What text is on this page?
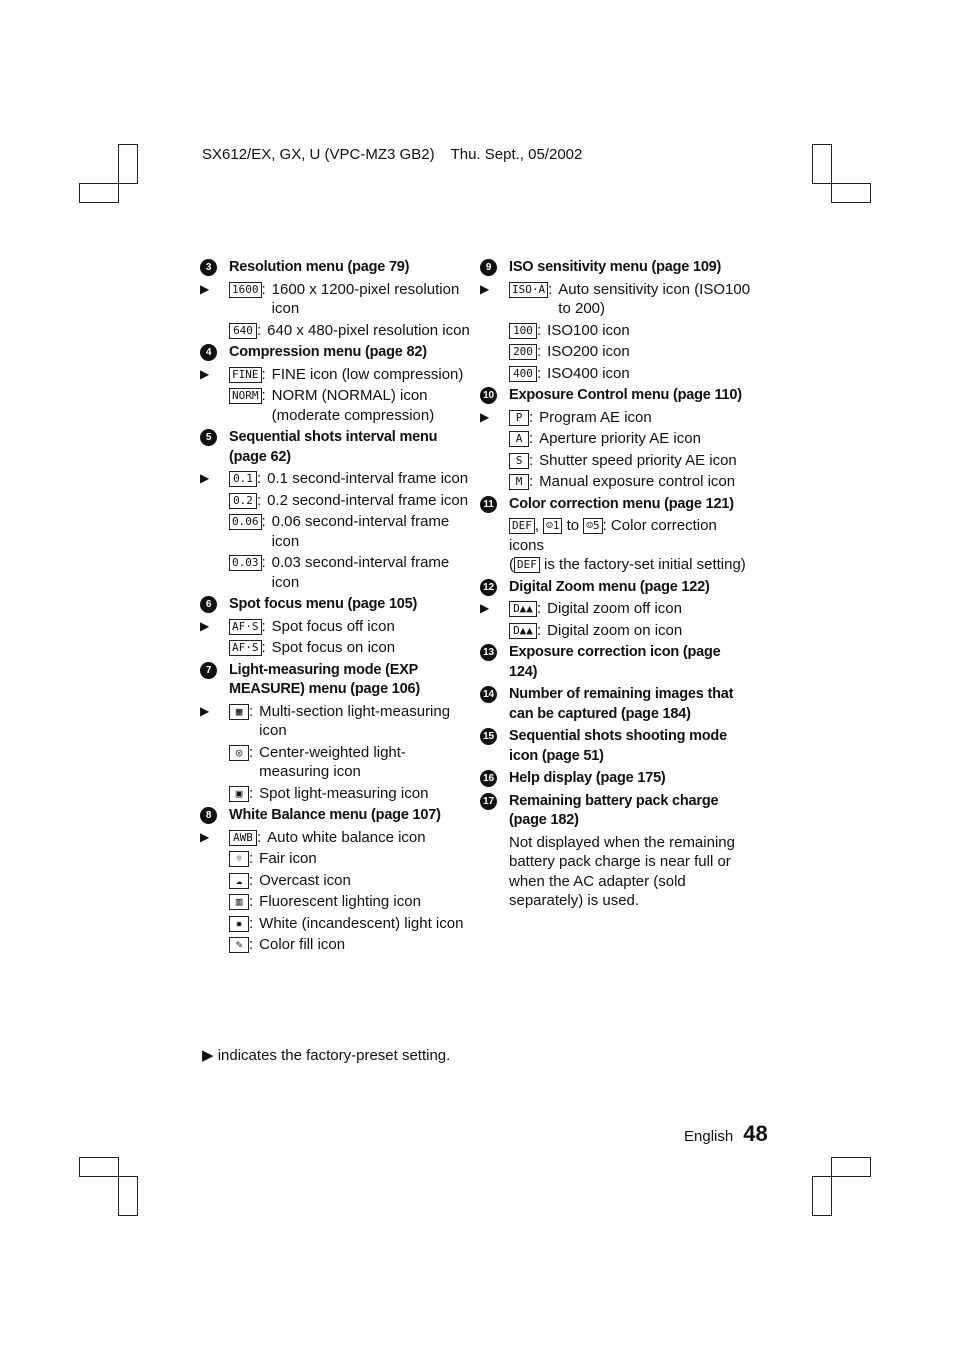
SX612/EX, GX, U (VPC-MZ3 GB2) Thu. Sept., 05/2002
3	Resolution menu (page 79)
▶	1600 : 1600 x 1200-pixel resolution icon

640 : 640 x 480-pixel resolution icon
4	Compression menu (page 82)
▶	FINE : FINE icon (low compression)

NORM : NORM (NORMAL) icon (moderate compression)
5	Sequential shots interval menu (page 62)
▶	0.1 : 0.1 second-interval frame icon

0.2 : 0.2 second-interval frame icon

0.06 : 0.06 second-interval frame icon

0.03 : 0.03 second-interval frame icon
6	Spot focus menu (page 105)
▶	AF·S : Spot focus off icon

AF·S : Spot focus on icon
7	Light-measuring mode (EXP MEASURE) menu (page 106)
▶	▦ : Multi-section light-measuring icon

◎ : Center-weighted light-measuring icon

▣ : Spot light-measuring icon
8	White Balance menu (page 107)
▶	AWB : Auto white balance icon

☼ : Fair icon

☁ : Overcast icon

▥ : Fluorescent lighting icon

✹ : White (incandescent) light icon

✎ : Color fill icon
9	ISO sensitivity menu (page 109)
▶	ISO·A : Auto sensitivity icon (ISO100 to 200)

100 : ISO100 icon

200 : ISO200 icon

400 : ISO400 icon
10 Exposure Control menu (page 110)
▶	P : Program AE icon

A : Aperture priority AE icon

S : Shutter speed priority AE icon

M : Manual exposure control icon
11 Color correction menu (page 121)
DEF , ☺1 to ☺5 : Color correction icons
( DEF is the factory-set initial setting)
12 Digital Zoom menu (page 122)
▶	D▲▲ : Digital zoom off icon

D▲▲ : Digital zoom on icon
13 Exposure correction icon (page 124)
14 Number of remaining images that can be captured (page 184)
15 Sequential shots shooting mode icon (page 51)
16 Help display (page 175)
17 Remaining battery pack charge (page 182)
Not displayed when the remaining battery pack charge is near full or when the AC adapter (sold separately) is used.
▶ indicates the factory-preset setting.
English 48
